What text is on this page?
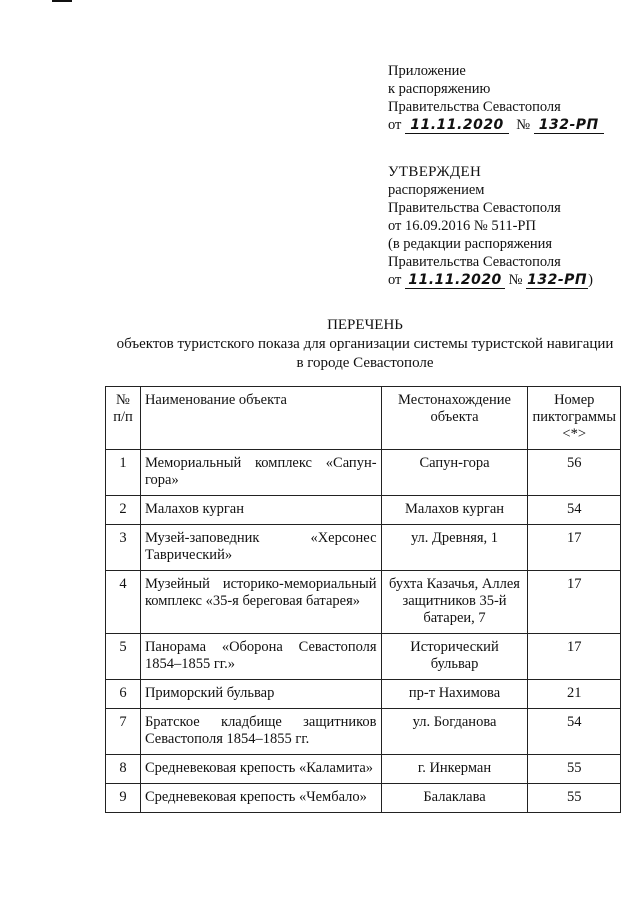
Приложение
к распоряжению
Правительства Севастополя
от 11.11.2020 № 132-РП
УТВЕРЖДЕН
распоряжением
Правительства Севастополя
от 16.09.2016 № 511-РП
(в редакции распоряжения
Правительства Севастополя
от 11.11.2020 № 132-РП)
ПЕРЕЧЕНЬ
объектов туристского показа для организации системы туристской навигации
в городе Севастополе
№ п/п	Наименование объекта	Местонахождение объекта	Номер пиктограммы <*>
1	Мемориальный комплекс «Сапун-гора»	Сапун-гора	56
2	Малахов курган	Малахов курган	54
3	Музей-заповедник «Херсонес Таврический»	ул. Древняя, 1	17
4	Музейный историко-мемориальный комплекс «35-я береговая батарея»	бухта Казачья, Аллея защитников 35-й батареи, 7	17
5	Панорама «Оборона Севастополя 1854–1855 гг.»	Исторический бульвар	17
6	Приморский бульвар	пр-т Нахимова	21
7	Братское кладбище защитников Севастополя 1854–1855 гг.	ул. Богданова	54
8	Средневековая крепость «Каламита»	г. Инкерман	55
9	Средневековая крепость «Чембало»	Балаклава	55
